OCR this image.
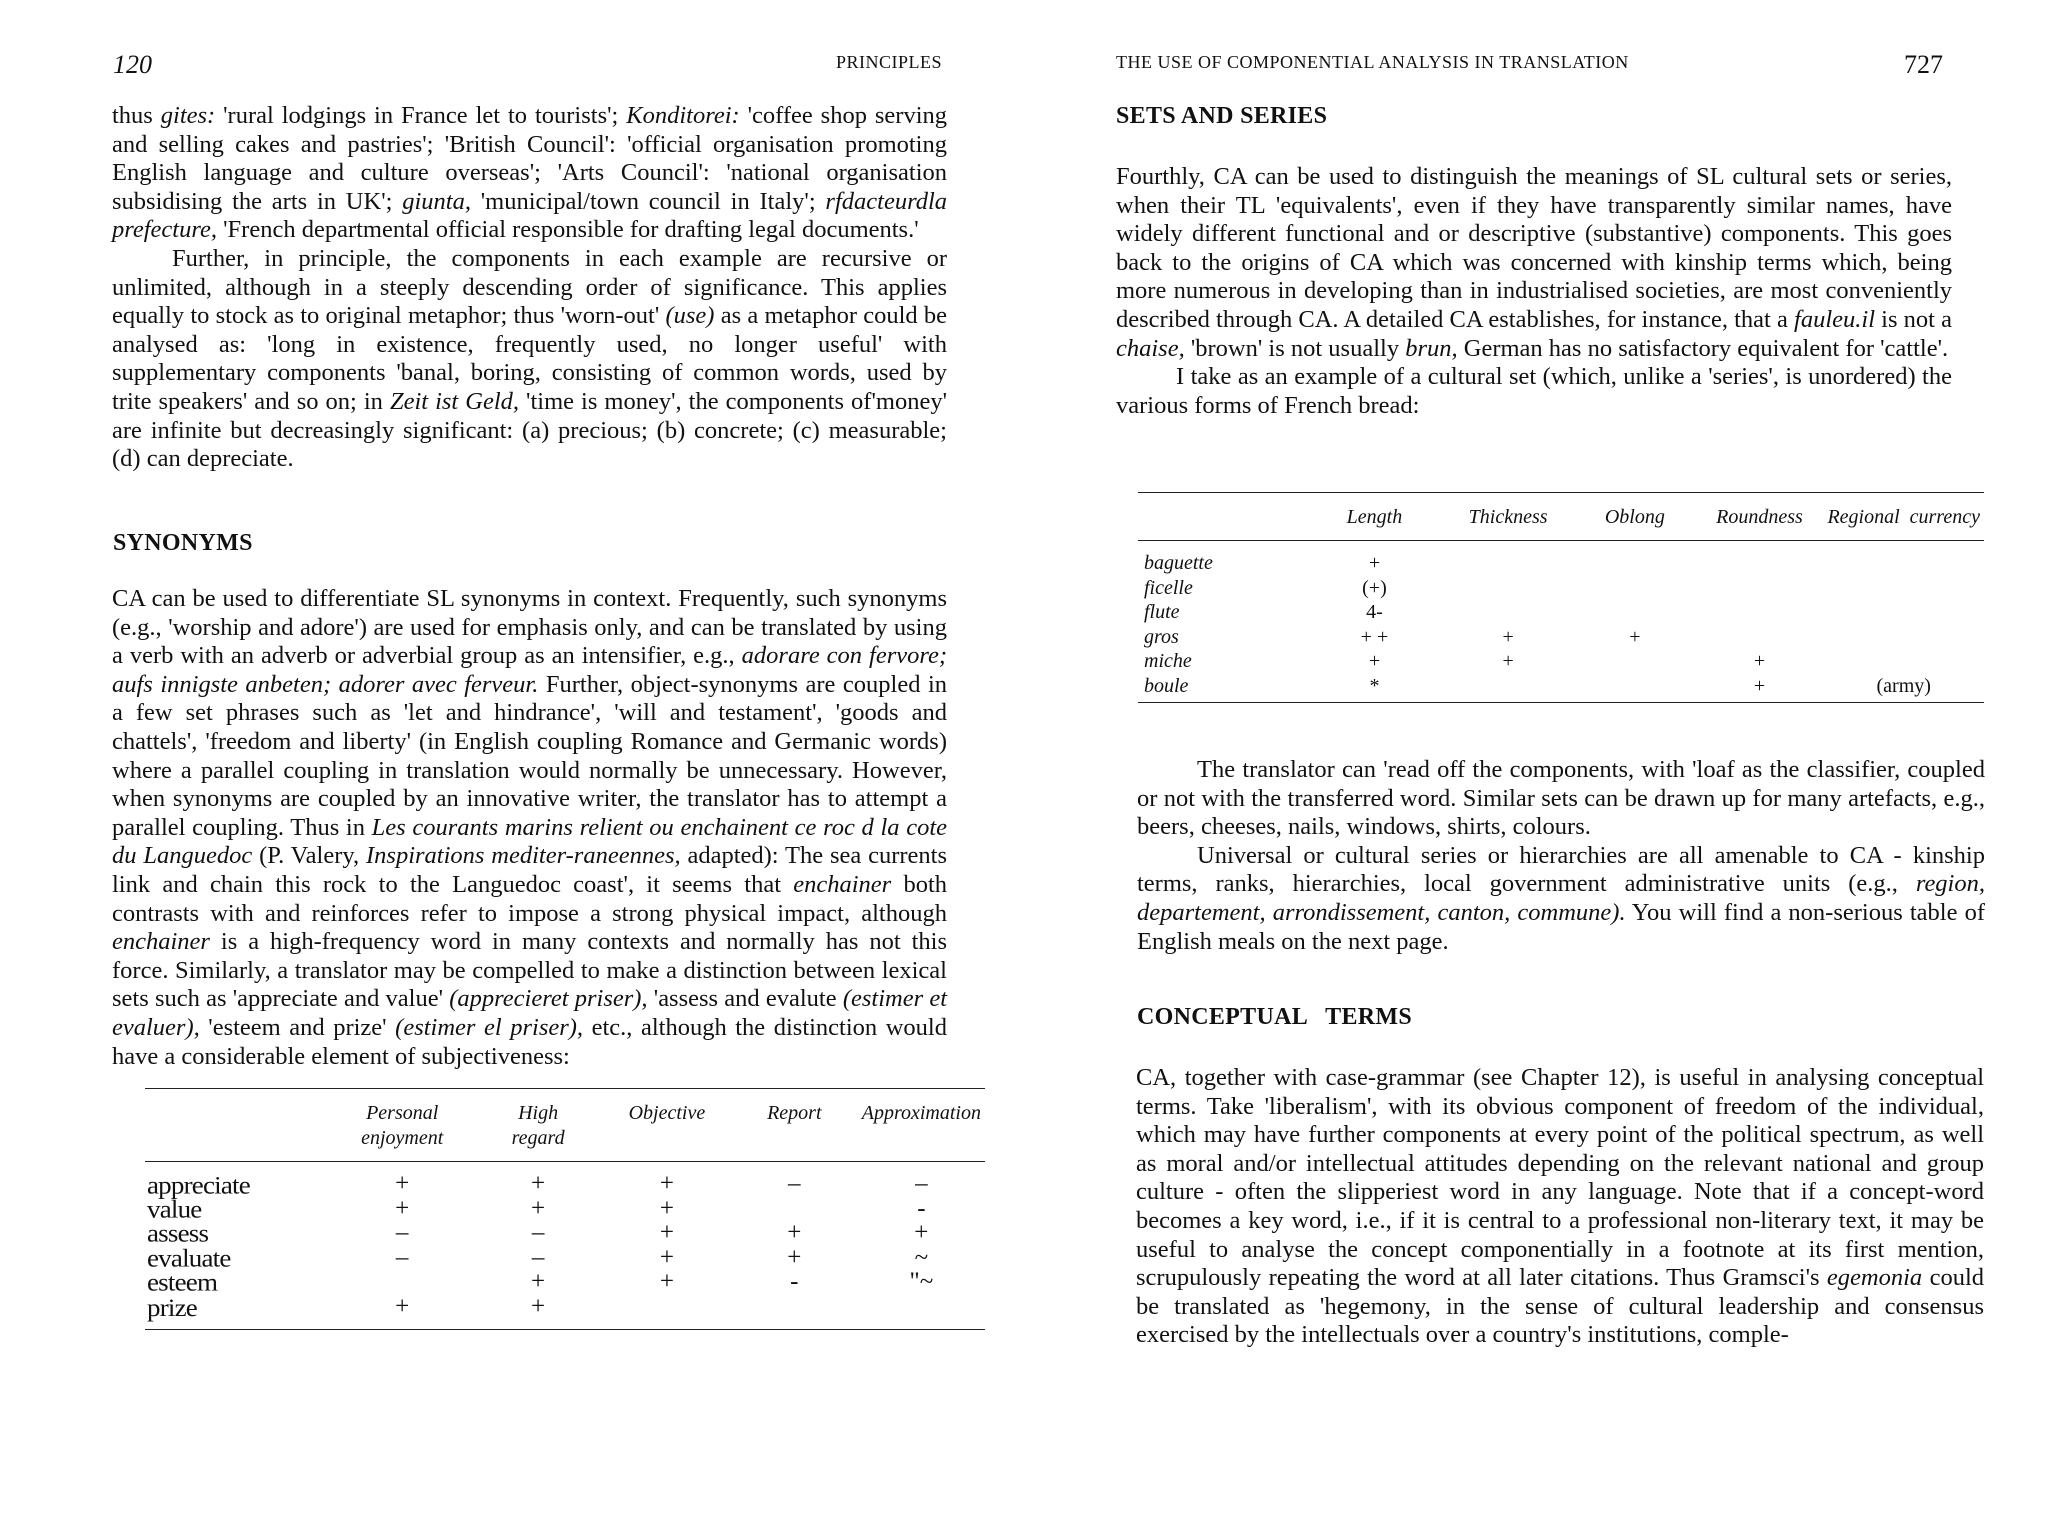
120	PRINCIPLES

thus gites: 'rural lodgings in France let to tourists'; Konditorei: 'coffee shop serving and selling cakes and pastries'; 'British Council': 'official organisation promoting English language and culture overseas'; 'Arts Council': 'national organisation subsidising the arts in UK'; giunta, 'municipal/town council in Italy'; rfdacteurdla prefecture, 'French departmental official responsible for drafting legal documents.'

Further, in principle, the components in each example are recursive or unlimited, although in a steeply descending order of significance. This applies equally to stock as to original metaphor; thus 'worn-out' (use) as a metaphor could be analysed as: 'long in existence, frequently used, no longer useful' with supplementary components 'banal, boring, consisting of common words, used by trite speakers' and so on; in Zeit ist Geld, 'time is money', the components of'money' are infinite but decreasingly significant: (a) precious; (b) concrete; (c) measurable; (d) can depreciate.

SYNONYMS

CA can be used to differentiate SL synonyms in context. Frequently, such synonyms (e.g., 'worship and adore') are used for emphasis only, and can be translated by using a verb with an adverb or adverbial group as an intensifier, e.g., adorare con fervore; aufs innigste anbeten; adorer avec ferveur. Further, object-synonyms are coupled in a few set phrases such as 'let and hindrance', 'will and testament', 'goods and chattels', 'freedom and liberty' (in English coupling Romance and Germanic words) where a parallel coupling in translation would normally be unnecessary. However, when synonyms are coupled by an innovative writer, the translator has to attempt a parallel coupling. Thus in Les courants marins relient ou enchainent ce roc d la cote du Languedoc (P. Valery, Inspirations mediter-raneennes, adapted): The sea currents link and chain this rock to the Languedoc coast', it seems that enchainer both contrasts with and reinforces refer to impose a strong physical impact, although enchainer is a high-frequency word in many contexts and normally has not this force. Similarly, a translator may be compelled to make a distinction between lexical sets such as 'appreciate and value' (apprecieret priser), 'assess and evalute (estimer et evaluer), 'esteem and prize' (estimer el priser), etc., although the distinction would have a considerable element of subjectiveness:

	Personal enjoyment	High regard	Objective	Report	Approximation
appreciate	+	+	+	–	–
value	+	+	+		-
assess	–	–	+	+	+
evaluate	–	–	+	+	~
esteem		+	+	-	"~
prize	+	+			

THE USE OF COMPONENTIAL ANALYSIS IN TRANSLATION	727
SETS AND SERIES

Fourthly, CA can be used to distinguish the meanings of SL cultural sets or series, when their TL 'equivalents', even if they have transparently similar names, have widely different functional and or descriptive (substantive) components. This goes back to the origins of CA which was concerned with kinship terms which, being more numerous in developing than in industrialised societies, are most conveniently described through CA. A detailed CA establishes, for instance, that a fauleu.il is not a chaise, 'brown' is not usually brun, German has no satisfactory equivalent for 'cattle'.

I take as an example of a cultural set (which, unlike a 'series', is unordered) the various forms of French bread:

	Length	Thickness	Oblong	Roundness	Regional  currency
baguette	+				
ficelle	(+)				
flute	4-				
gros	+ +	+	+		
miche	+	+		+	
boule	*			+	(army)

The translator can 'read off the components, with 'loaf as the classifier, coupled or not with the transferred word. Similar sets can be drawn up for many artefacts, e.g., beers, cheeses, nails, windows, shirts, colours.

Universal or cultural series or hierarchies are all amenable to CA - kinship terms, ranks, hierarchies, local government administrative units (e.g., region, departement, arrondissement, canton, commune). You will find a non-serious table of English meals on the next page.

CONCEPTUAL   TERMS

CA, together with case-grammar (see Chapter 12), is useful in analysing conceptual terms. Take 'liberalism', with its obvious component of freedom of the individual, which may have further components at every point of the political spectrum, as well as moral and/or intellectual attitudes depending on the relevant national and group culture - often the slipperiest word in any language. Note that if a concept-word becomes a key word, i.e., if it is central to a professional non-literary text, it may be useful to analyse the concept componentially in a footnote at its first mention, scrupulously repeating the word at all later citations. Thus Gramsci's egemonia could be translated as 'hegemony, in the sense of cultural leadership and consensus exercised by the intellectuals over a country's institutions, comple-
